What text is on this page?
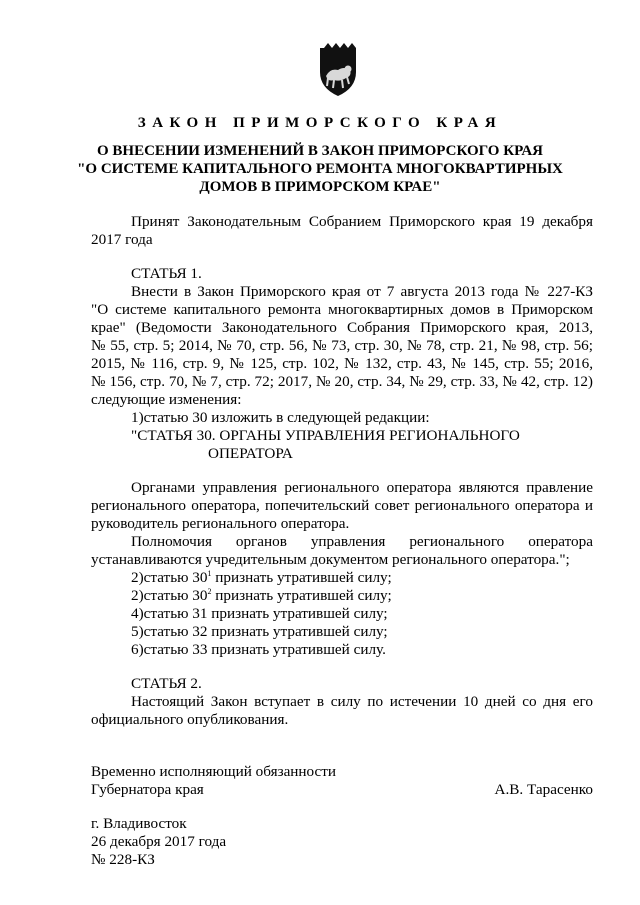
ЗАКОН ПРИМОРСКОГО КРАЯ
О ВНЕСЕНИИ ИЗМЕНЕНИЙ В ЗАКОН ПРИМОРСКОГО КРАЯ
"О СИСТЕМЕ КАПИТАЛЬНОГО РЕМОНТА МНОГОКВАРТИРНЫХ
ДОМОВ В ПРИМОРСКОМ КРАЕ"
Принят Законодательным Собранием Приморского края 19 декабря
2017 года
СТАТЬЯ 1.
Внести в Закон Приморского края от 7 августа 2013 года № 227-КЗ
"О системе капитального ремонта многоквартирных домов в Приморском
крае" (Ведомости Законодательного Собрания Приморского края, 2013,
№ 55, стр. 5; 2014, № 70, стр. 56, № 73, стр. 30, № 78, стр. 21, № 98, стр. 56;
2015, № 116, стр. 9, № 125, стр. 102, № 132, стр. 43, № 145, стр. 55; 2016,
№ 156, стр. 70, № 7, стр. 72; 2017, № 20, стр. 34, № 29, стр. 33, № 42, стр. 12)
следующие изменения:
1)статью 30 изложить в следующей редакции:
"СТАТЬЯ 30. ОРГАНЫ УПРАВЛЕНИЯ РЕГИОНАЛЬНОГО
ОПЕРАТОРА
Органами управления регионального оператора являются правление
регионального оператора, попечительский совет регионального оператора и
руководитель регионального оператора.
Полномочия органов управления регионального оператора
устанавливаются учредительным документом регионального оператора.";
2)статью $30^1$ признать утратившей силу;
2)статью $30^2$ признать утратившей силу;
4)статью 31 признать утратившей силу;
5)статью 32 признать утратившей силу;
6)статью 33 признать утратившей силу.
СТАТЬЯ 2.
Настоящий Закон вступает в силу по истечении 10 дней со дня его
официального опубликования.
Временно исполняющий обязанности
Губернатора края	А.В. Тарасенко
г. Владивосток
26 декабря 2017 года
№ 228-КЗ
